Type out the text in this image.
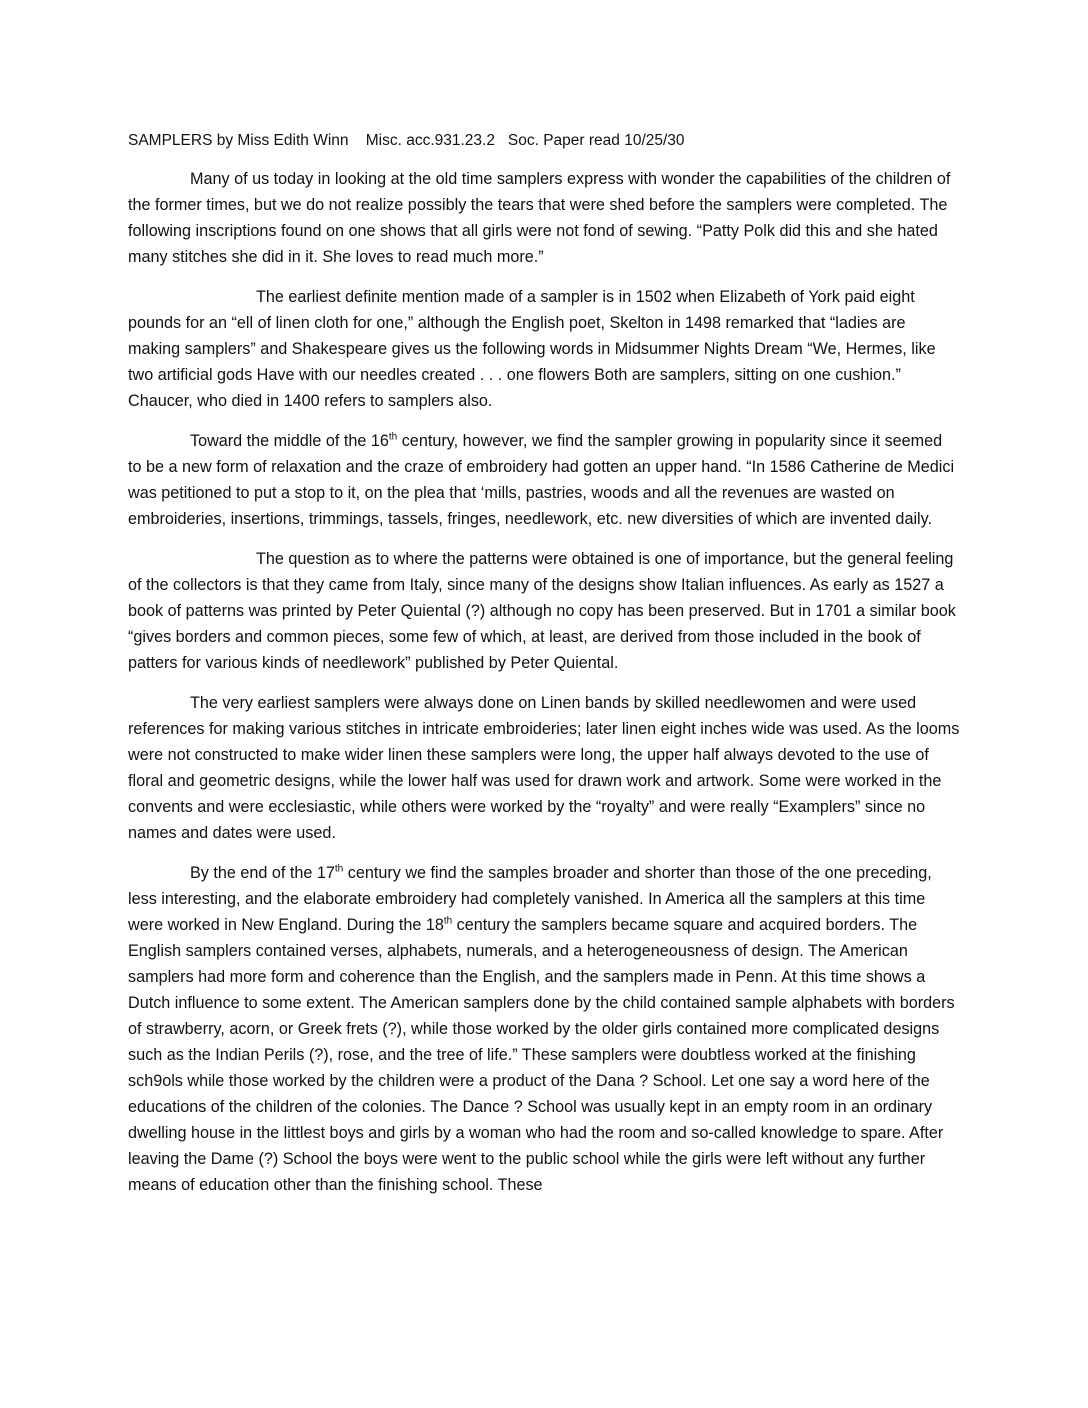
SAMPLERS by Miss Edith Winn    Misc. acc.931.23.2   Soc. Paper read 10/25/30

Many of us today in looking at the old time samplers express with wonder the capabilities of the children of the former times, but we do not realize possibly the tears that were shed before the samplers were completed. The following inscriptions found on one shows that all girls were not fond of sewing. “Patty Polk did this and she hated many stitches she did in it. She loves to read much more.”

The earliest definite mention made of a sampler is in 1502 when Elizabeth of York paid eight pounds for an “ell of linen cloth for one,” although the English poet, Skelton in 1498 remarked that “ladies are making samplers” and Shakespeare gives us the following words in Midsummer Nights Dream “We, Hermes, like two artificial gods Have with our needles created . . . one flowers Both are samplers, sitting on one cushion.” Chaucer, who died in 1400 refers to samplers also.

Toward the middle of the 16th century, however, we find the sampler growing in popularity since it seemed to be a new form of relaxation and the craze of embroidery had gotten an upper hand. “In 1586 Catherine de Medici was petitioned to put a stop to it, on the plea that ‘mills, pastries, woods and all the revenues are wasted on embroideries, insertions, trimmings, tassels, fringes, needlework, etc. new diversities of which are invented daily.

The question as to where the patterns were obtained is one of importance, but the general feeling of the collectors is that they came from Italy, since many of the designs show Italian influences. As early as 1527 a book of patterns was printed by Peter Quiental (?) although no copy has been preserved. But in 1701 a similar book “gives borders and common pieces, some few of which, at least, are derived from those included in the book of patters for various kinds of needlework” published by Peter Quiental.

The very earliest samplers were always done on Linen bands by skilled needlewomen and were used references for making various stitches in intricate embroideries; later linen eight inches wide was used. As the looms were not constructed to make wider linen these samplers were long, the upper half always devoted to the use of floral and geometric designs, while the lower half was used for drawn work and artwork. Some were worked in the convents and were ecclesiastic, while others were worked by the “royalty” and were really “Examplers” since no names and dates were used.

By the end of the 17th century we find the samples broader and shorter than those of the one preceding, less interesting, and the elaborate embroidery had completely vanished. In America all the samplers at this time were worked in New England. During the 18th century the samplers became square and acquired borders. The English samplers contained verses, alphabets, numerals, and a heterogeneousness of design. The American samplers had more form and coherence than the English, and the samplers made in Penn. At this time shows a Dutch influence to some extent. The American samplers done by the child contained sample alphabets with borders of strawberry, acorn, or Greek frets (?), while those worked by the older girls contained more complicated designs such as the Indian Perils (?), rose, and the tree of life.” These samplers were doubtless worked at the finishing sch9ols while those worked by the children were a product of the Dana ? School. Let one say a word here of the educations of the children of the colonies. The Dance ? School was usually kept in an empty room in an ordinary dwelling house in the littlest boys and girls by a woman who had the room and so-called knowledge to spare. After leaving the Dame (?) School the boys were went to the public school while the girls were left without any further means of education other than the finishing school. These
